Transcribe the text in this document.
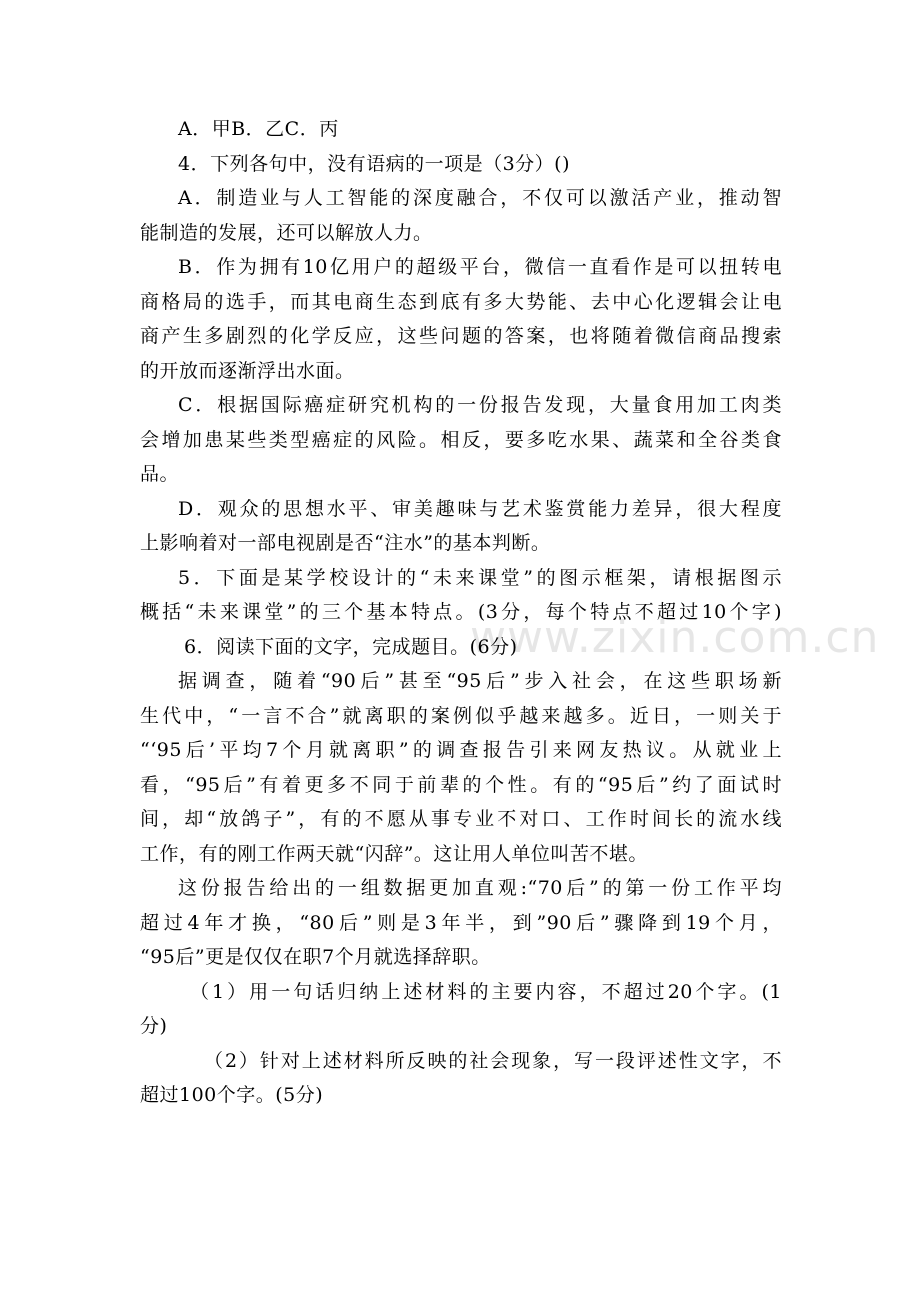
www.zixin.com.cn
A．甲B．乙C．丙
4．下列各句中，没有语病的一项是（3分）()
A．制造业与人工智能的深度融合，不仅可以激活产业，推动智
能制造的发展，还可以解放人力。
B．作为拥有10亿用户的超级平台，微信一直看作是可以扭转电
商格局的选手，而其电商生态到底有多大势能、去中心化逻辑会让电
商产生多剧烈的化学反应，这些问题的答案，也将随着微信商品搜索
的开放而逐渐浮出水面。
C．根据国际癌症研究机构的一份报告发现，大量食用加工肉类
会增加患某些类型癌症的风险。相反，要多吃水果、蔬菜和全谷类食
品。
D．观众的思想水平、审美趣味与艺术鉴赏能力差异，很大程度
上影响着对一部电视剧是否“注水”的基本判断。
5．下面是某学校设计的“未来课堂”的图示框架，请根据图示
概括“未来课堂”的三个基本特点。(3分，每个特点不超过10个字)
6．阅读下面的文字，完成题目。(6分)
据调查，随着“90后”甚至“95后”步入社会，在这些职场新
生代中，“一言不合”就离职的案例似乎越来越多。近日，一则关于
“‘95后’平均7个月就离职”的调查报告引来网友热议。从就业上
看，“95后”有着更多不同于前辈的个性。有的“95后”约了面试时
间，却“放鸽子”，有的不愿从事专业不对口、工作时间长的流水线
工作，有的刚工作两天就“闪辞”。这让用人单位叫苦不堪。
这份报告给出的一组数据更加直观:“70后”的第一份工作平均
超过4年才换，“80后”则是3年半，到”90后”骤降到19个月，
“95后”更是仅仅在职7个月就选择辞职。
（1）用一句话归纳上述材料的主要内容，不超过20个字。(1
分)
（2）针对上述材料所反映的社会现象，写一段评述性文字，不
超过100个字。(5分)
